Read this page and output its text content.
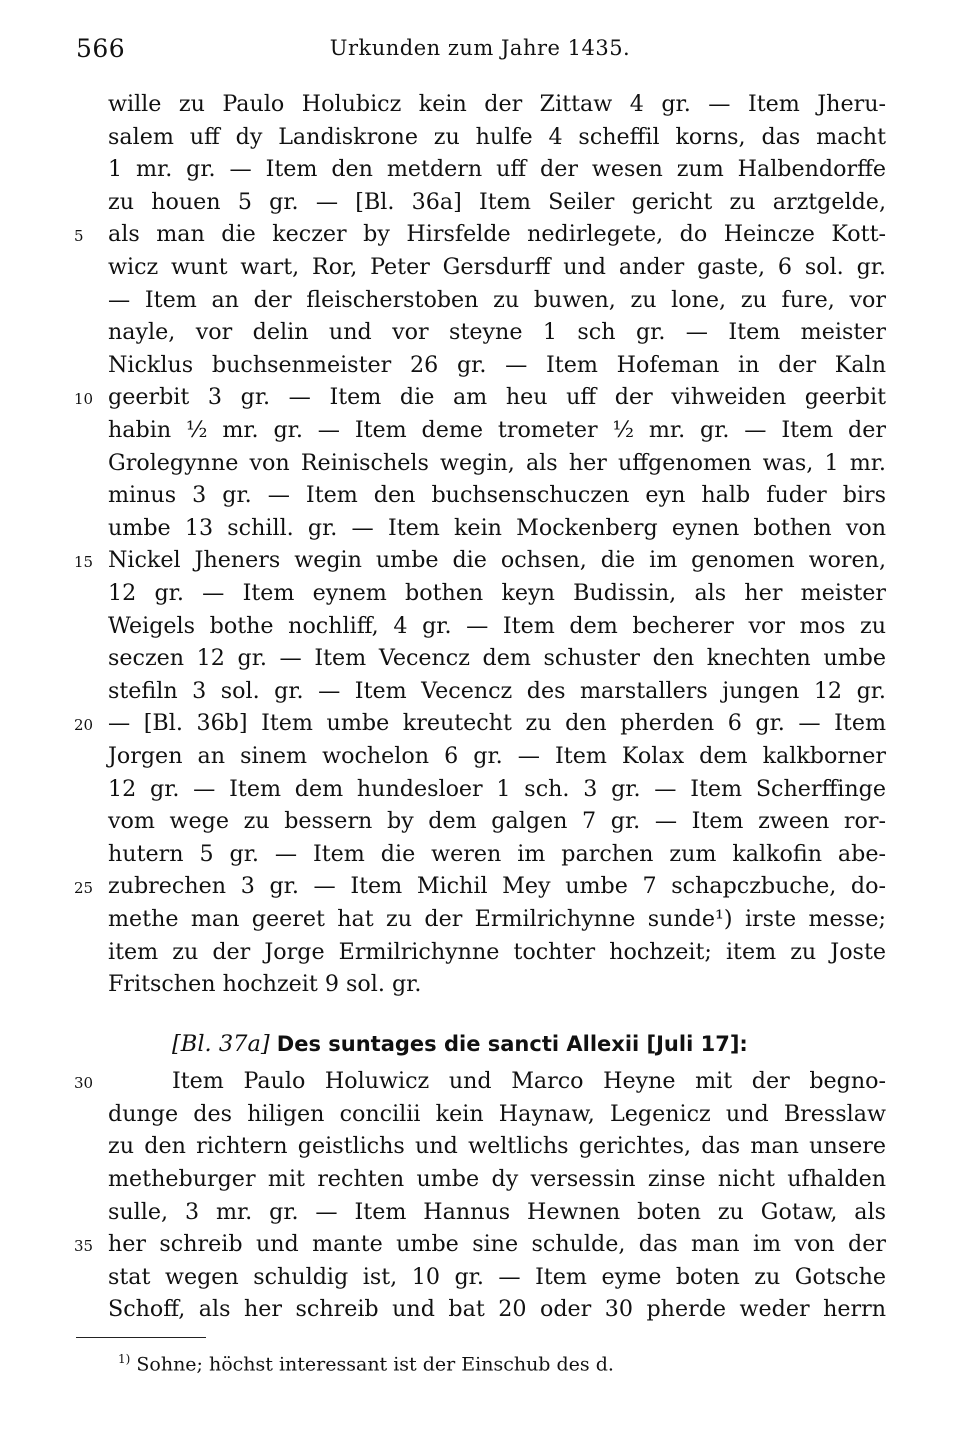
566	Urkunden zum Jahre 1435.
wille zu Paulo Holubicz kein der Zittaw 4 gr. — Item Jheru-
salem uff dy Landiskrone zu hulfe 4 scheffil korns, das macht
1 mr. gr. — Item den metdern uff der wesen zum Halbendorffe
zu houen 5 gr. — [Bl. 36a] Item Seiler gericht zu arztgelde,
als man die keczer by Hirsfelde nedirlegete, do Heincze Kott-
wicz wunt wart, Ror, Peter Gersdurff und ander gaste, 6 sol. gr.
— Item an der fleischerstoben zu buwen, zu lone, zu fure, vor
nayle, vor delin und vor steyne 1 sch gr. — Item meister
Nicklus buchsenmeister 26 gr. — Item Hofeman in der Kaln
geerbit 3 gr. — Item die am heu uff der vihweiden geerbit
habin ½ mr. gr. — Item deme trometer ½ mr. gr. — Item der
Grolegynne von Reinischels wegin, als her uffgenomen was, 1 mr.
minus 3 gr. — Item den buchsenschuczen eyn halb fuder birs
umbe 13 schill. gr. — Item kein Mockenberg eynen bothen von
Nickel Jheners wegin umbe die ochsen, die im genomen woren,
12 gr. — Item eynem bothen keyn Budissin, als her meister
Weigels bothe nochliff, 4 gr. — Item dem becherer vor mos zu
seczen 12 gr. — Item Vecencz dem schuster den knechten umbe
stefiln 3 sol. gr. — Item Vecencz des marstallers jungen 12 gr.
— [Bl. 36b] Item umbe kreutecht zu den pherden 6 gr. — Item
Jorgen an sinem wochelon 6 gr. — Item Kolax dem kalkborner
12 gr. — Item dem hundesloer 1 sch. 3 gr. — Item Scherffinge
vom wege zu bessern by dem galgen 7 gr. — Item zween ror-
hutern 5 gr. — Item die weren im parchen zum kalkofin abe-
zubrechen 3 gr. — Item Michil Mey umbe 7 schapczbuche, do-
methe man geeret hat zu der Ermilrichynne sunde¹) irste messe;
item zu der Jorge Ermilrichynne tochter hochzeit; item zu Joste
Fritschen hochzeit 9 sol. gr.
5
10
15
20
25
[Bl. 37a] Des suntages die sancti Allexii [Juli 17]:
Item Paulo Holuwicz und Marco Heyne mit der begno-
dunge des hiligen concilii kein Haynaw, Legenicz und Bresslaw
zu den richtern geistlichs und weltlichs gerichtes, das man unsere
metheburger mit rechten umbe dy versessin zinse nicht ufhalden
sulle, 3 mr. gr. — Item Hannus Hewnen boten zu Gotaw, als
her schreib und mante umbe sine schulde, das man im von der
stat wegen schuldig ist, 10 gr. — Item eyme boten zu Gotsche
Schoff, als her schreib und bat 20 oder 30 pherde weder herrn
30
35
$^{1)}$ Sohne; höchst interessant ist der Einschub des d.
